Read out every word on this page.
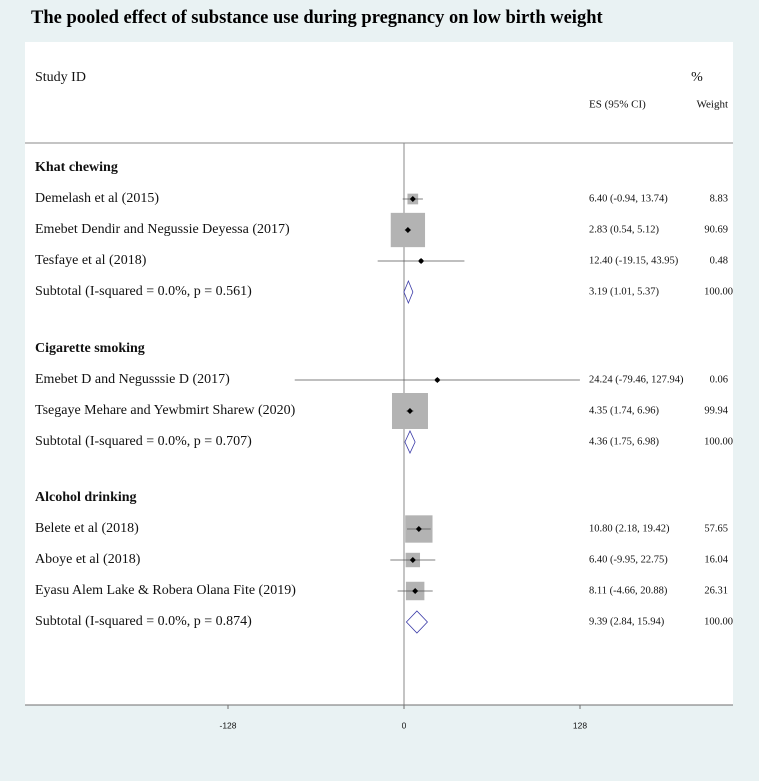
The pooled effect of substance use during pregnancy on low birth weight
Study ID	%
ES (95% CI)	Weight
-128	0	128
Khat chewing
Demelash et al (2015)	6.40 (-0.94, 13.74)	8.83
Emebet Dendir and Negussie Deyessa (2017)	2.83 (0.54, 5.12)	90.69
Tesfaye et al (2018)	12.40 (-19.15, 43.95)	0.48
Subtotal (I-squared = 0.0%, p = 0.561)	3.19 (1.01, 5.37)	100.00
Cigarette smoking
Emebet D and Negusssie D (2017)	24.24 (-79.46, 127.94) 0.06
Tsegaye Mehare and Yewbmirt Sharew (2020)	4.35 (1.74, 6.96)	99.94
Subtotal (I-squared = 0.0%, p = 0.707)	4.36 (1.75, 6.98)	100.00
Alcohol drinking
Belete et al (2018)	10.80 (2.18, 19.42)	57.65
Aboye et al (2018)	6.40 (-9.95, 22.75)	16.04
Eyasu Alem Lake & Robera Olana Fite (2019)	8.11 (-4.66, 20.88)	26.31
Subtotal (I-squared = 0.0%, p = 0.874)	9.39 (2.84, 15.94)	100.00
